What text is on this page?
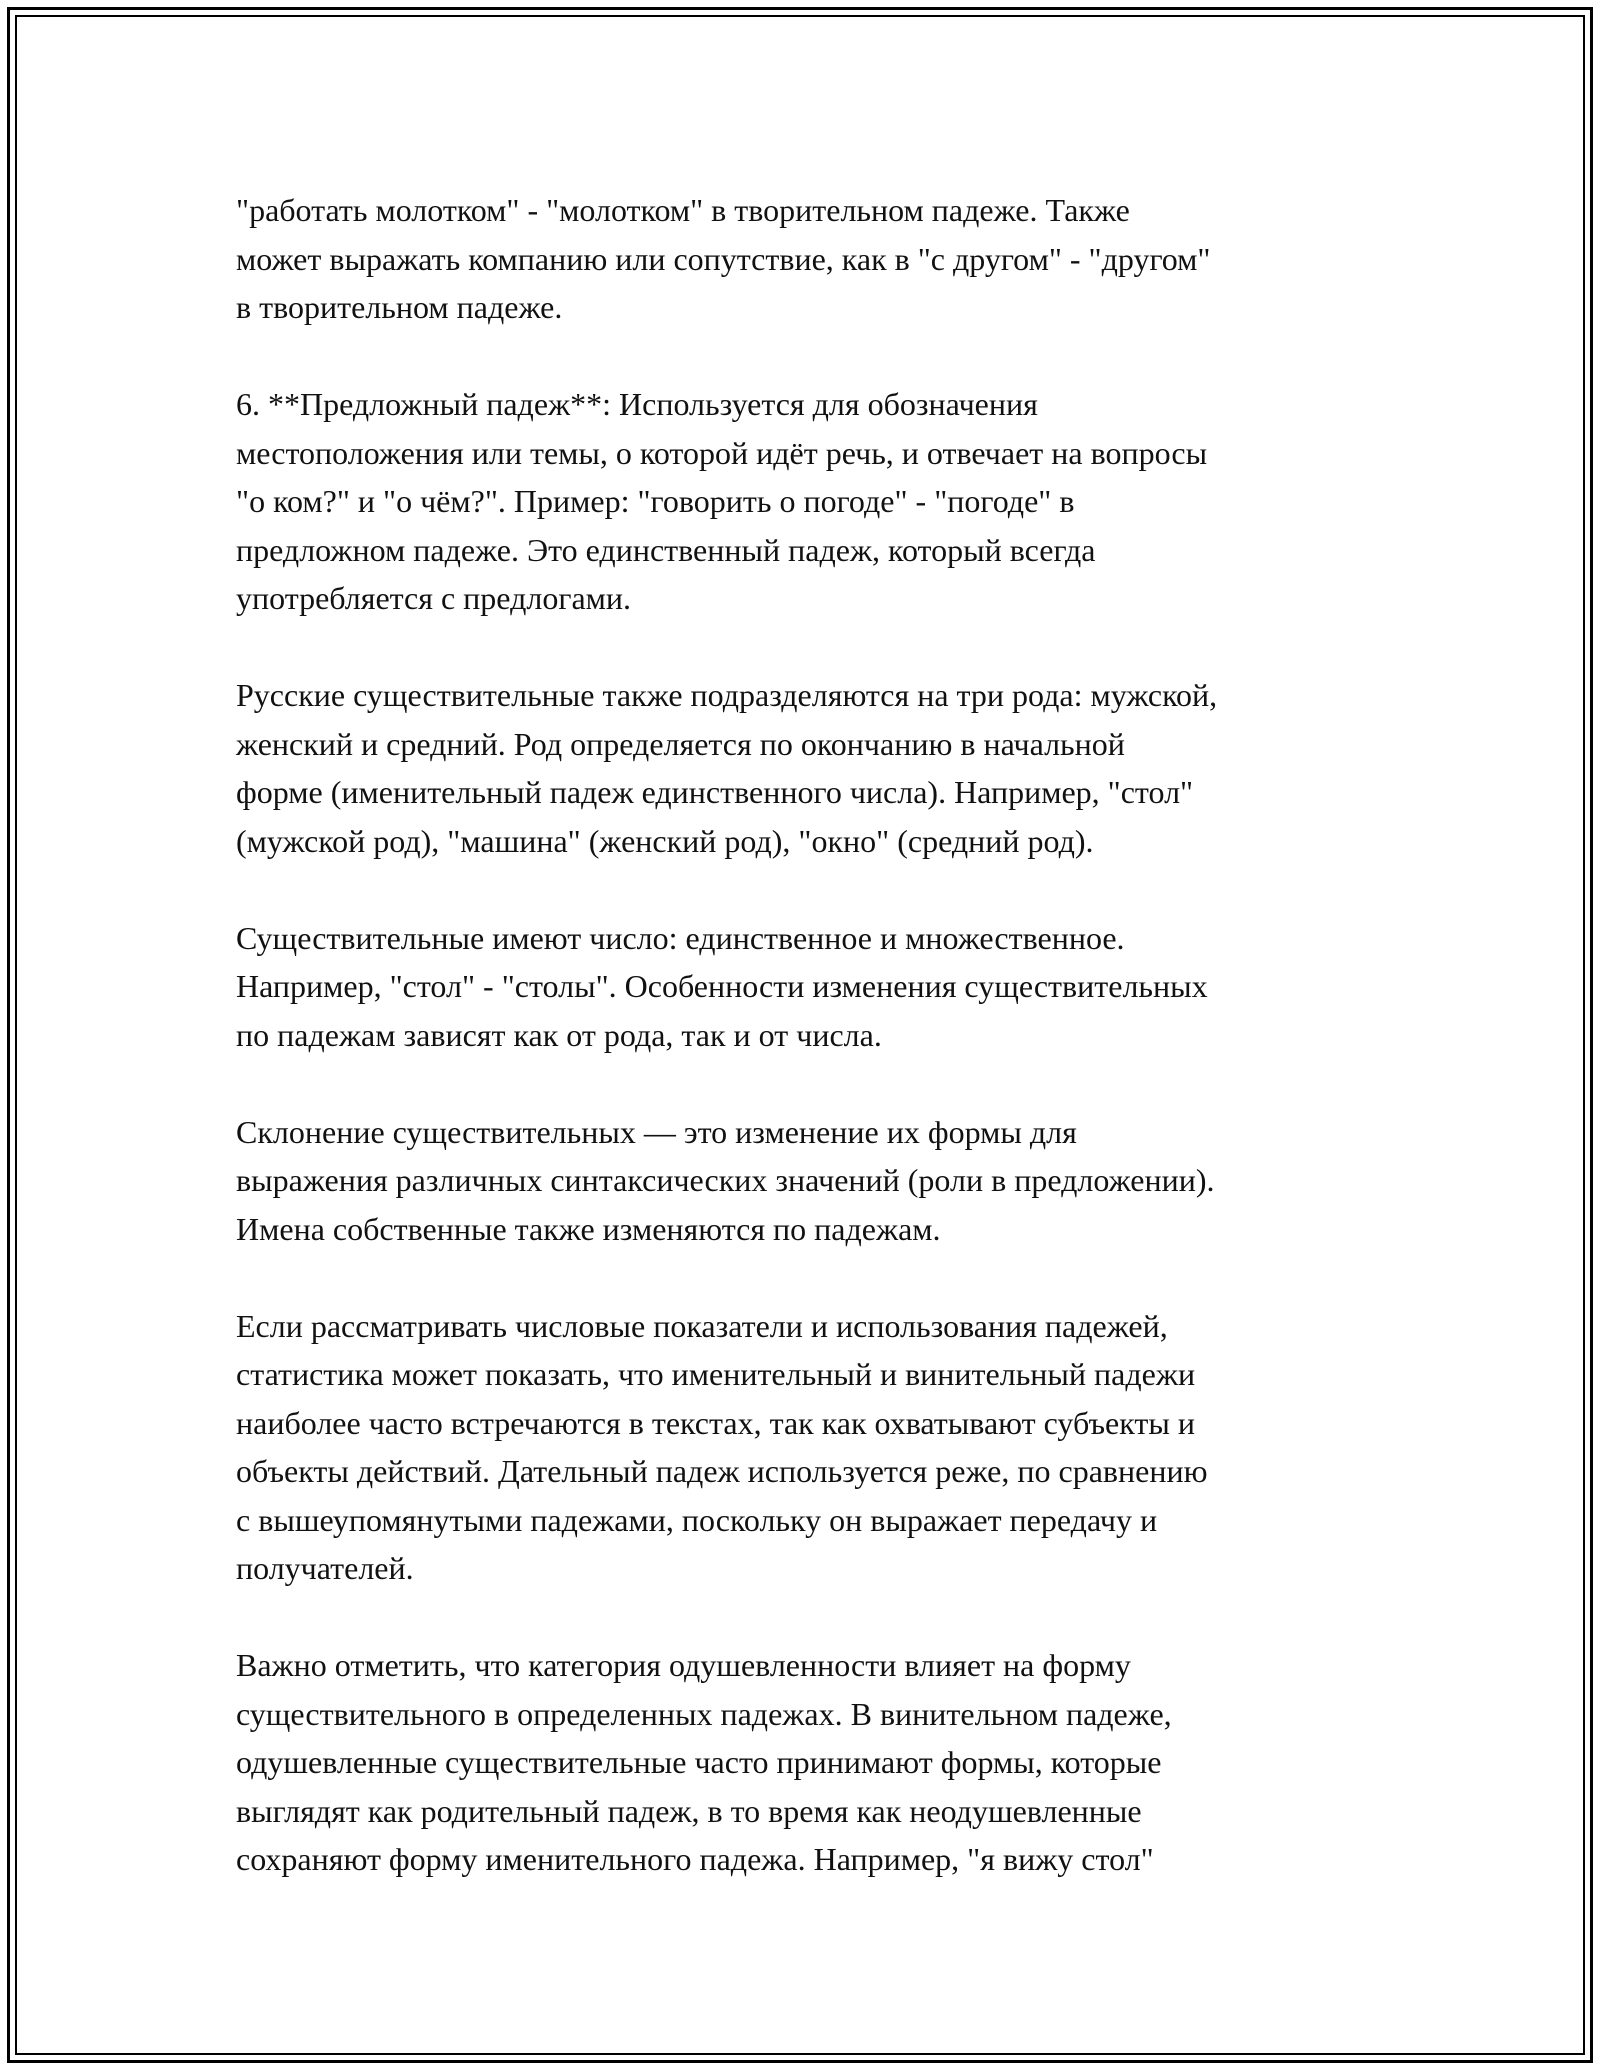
"работать молотком" - "молотком" в творительном падеже. Также
может выражать компанию или сопутствие, как в "с другом" - "другом"
в творительном падеже.

6. **Предложный падеж**: Используется для обозначения
местоположения или темы, о которой идёт речь, и отвечает на вопросы
"о ком?" и "о чём?". Пример: "говорить о погоде" - "погоде" в
предложном падеже. Это единственный падеж, который всегда
употребляется с предлогами.

Русские существительные также подразделяются на три рода: мужской,
женский и средний. Род определяется по окончанию в начальной
форме (именительный падеж единственного числа). Например, "стол"
(мужской род), "машина" (женский род), "окно" (средний род).

Существительные имеют число: единственное и множественное.
Например, "стол" - "столы". Особенности изменения существительных
по падежам зависят как от рода, так и от числа.

Склонение существительных — это изменение их формы для
выражения различных синтаксических значений (роли в предложении).
Имена собственные также изменяются по падежам.

Если рассматривать числовые показатели и использования падежей,
статистика может показать, что именительный и винительный падежи
наиболее часто встречаются в текстах, так как охватывают субъекты и
объекты действий. Дательный падеж используется реже, по сравнению
с вышеупомянутыми падежами, поскольку он выражает передачу и
получателей.

Важно отметить, что категория одушевленности влияет на форму
существительного в определенных падежах. В винительном падеже,
одушевленные существительные часто принимают формы, которые
выглядят как родительный падеж, в то время как неодушевленные
сохраняют форму именительного падежа. Например, "я вижу стол"
